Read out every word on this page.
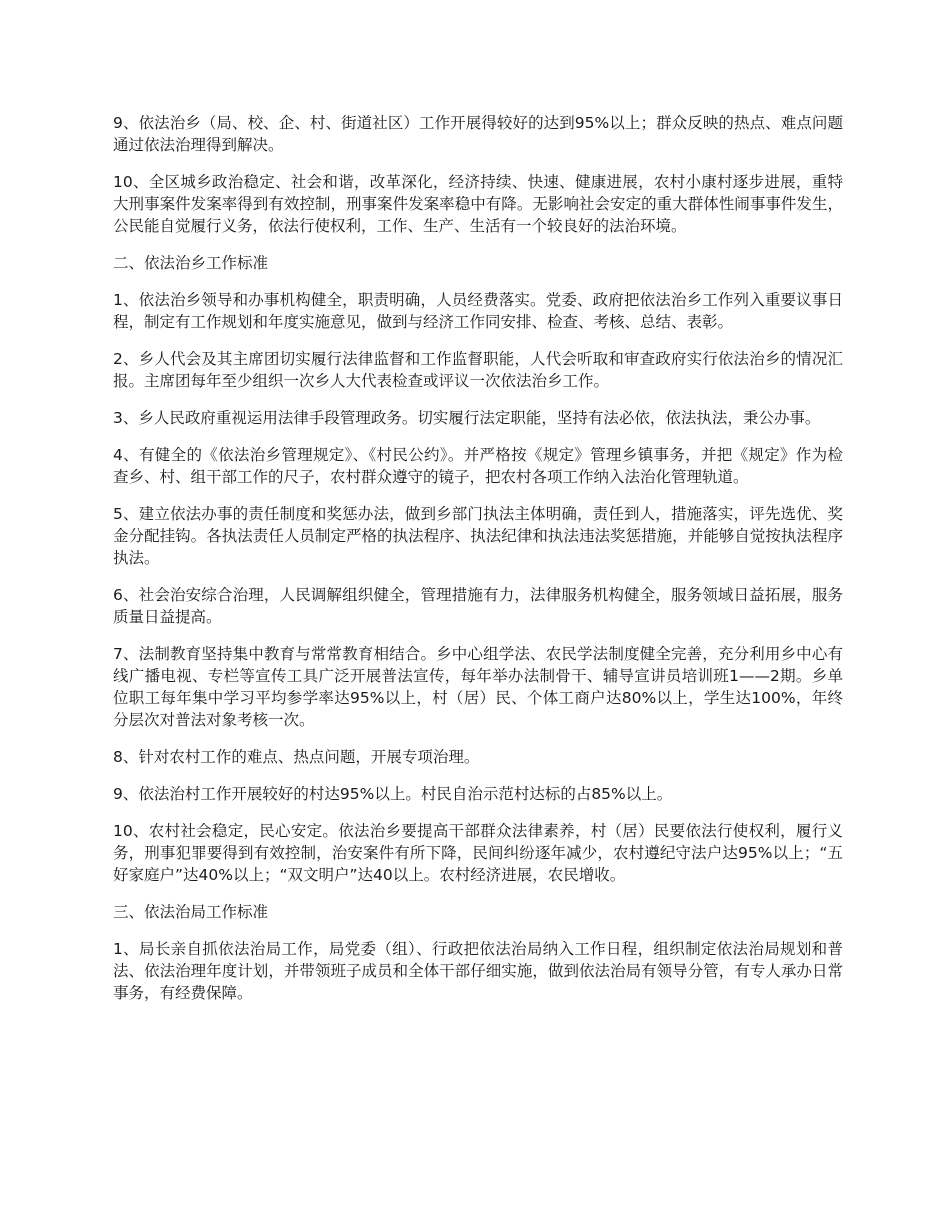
9、依法治乡（局、校、企、村、街道社区）工作开展得较好的达到95%以上；群众反映的热点、难点问题通过依法治理得到解决。

10、全区城乡政治稳定、社会和谐，改革深化，经济持续、快速、健康进展，农村小康村逐步进展，重特大刑事案件发案率得到有效控制，刑事案件发案率稳中有降。无影响社会安定的重大群体性闹事事件发生，公民能自觉履行义务，依法行使权利，工作、生产、生活有一个较良好的法治环境。

二、依法治乡工作标准

1、依法治乡领导和办事机构健全，职责明确，人员经费落实。党委、政府把依法治乡工作列入重要议事日程，制定有工作规划和年度实施意见，做到与经济工作同安排、检查、考核、总结、表彰。

2、乡人代会及其主席团切实履行法律监督和工作监督职能，人代会听取和审查政府实行依法治乡的情况汇报。主席团每年至少组织一次乡人大代表检查或评议一次依法治乡工作。

3、乡人民政府重视运用法律手段管理政务。切实履行法定职能，坚持有法必依，依法执法，秉公办事。

4、有健全的《依法治乡管理规定》、《村民公约》。并严格按《规定》管理乡镇事务，并把《规定》作为检查乡、村、组干部工作的尺子，农村群众遵守的镜子，把农村各项工作纳入法治化管理轨道。

5、建立依法办事的责任制度和奖惩办法，做到乡部门执法主体明确，责任到人，措施落实，评先选优、奖金分配挂钩。各执法责任人员制定严格的执法程序、执法纪律和执法违法奖惩措施，并能够自觉按执法程序执法。

6、社会治安综合治理，人民调解组织健全，管理措施有力，法律服务机构健全，服务领域日益拓展，服务质量日益提高。

7、法制教育坚持集中教育与常常教育相结合。乡中心组学法、农民学法制度健全完善，充分利用乡中心有线广播电视、专栏等宣传工具广泛开展普法宣传，每年举办法制骨干、辅导宣讲员培训班1——2期。乡单位职工每年集中学习平均参学率达95%以上，村（居）民、个体工商户达80%以上，学生达100%，年终分层次对普法对象考核一次。

8、针对农村工作的难点、热点问题，开展专项治理。

9、依法治村工作开展较好的村达95%以上。村民自治示范村达标的占85%以上。

10、农村社会稳定，民心安定。依法治乡要提高干部群众法律素养，村（居）民要依法行使权利，履行义务，刑事犯罪要得到有效控制，治安案件有所下降，民间纠纷逐年减少，农村遵纪守法户达95%以上；“五好家庭户”达40%以上；“双文明户”达40以上。农村经济进展，农民增收。

三、依法治局工作标准

1、局长亲自抓依法治局工作，局党委（组）、行政把依法治局纳入工作日程，组织制定依法治局规划和普法、依法治理年度计划，并带领班子成员和全体干部仔细实施，做到依法治局有领导分管，有专人承办日常事务，有经费保障。
